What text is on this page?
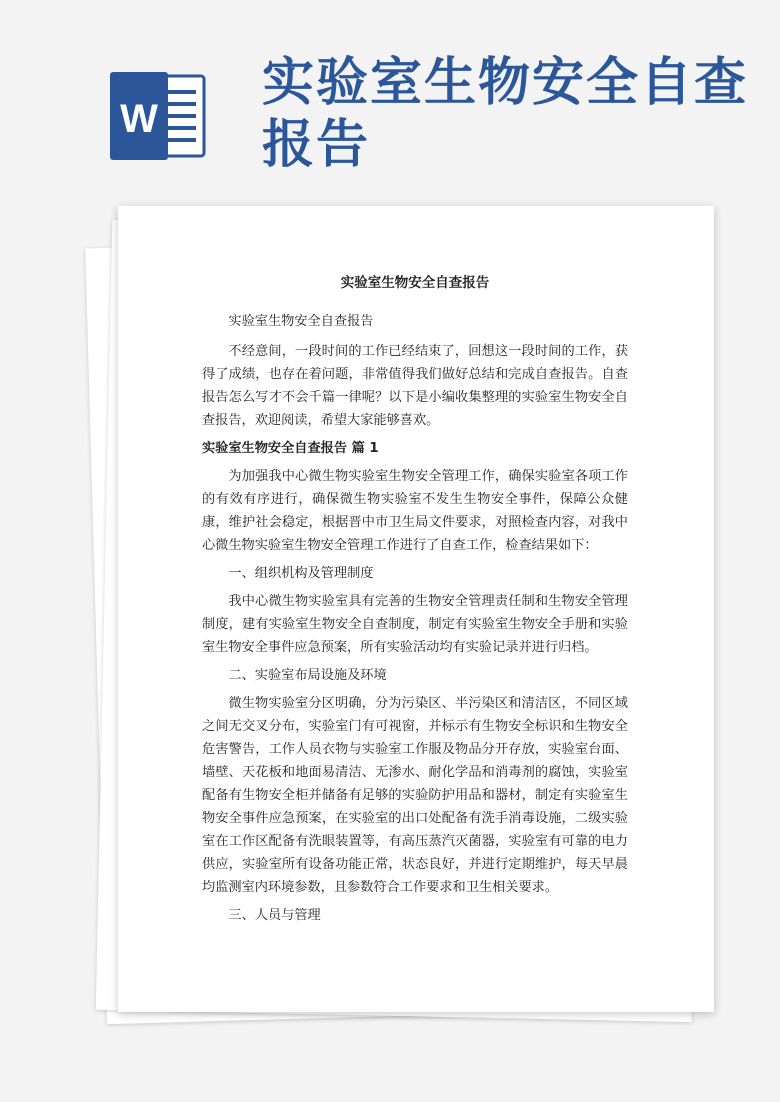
W
实验室生物安全自查报告
实验室生物安全自查报告

实验室生物安全自查报告

不经意间，一段时间的工作已经结束了，回想这一段时间的工作，获得了成绩，也存在着问题，非常值得我们做好总结和完成自查报告。自查报告怎么写才不会千篇一律呢？以下是小编收集整理的实验室生物安全自查报告，欢迎阅读，希望大家能够喜欢。

实验室生物安全自查报告 篇 1

为加强我中心微生物实验室生物安全管理工作，确保实验室各项工作的有效有序进行，确保微生物实验室不发生生物安全事件，保障公众健康，维护社会稳定，根据晋中市卫生局文件要求，对照检查内容，对我中心微生物实验室生物安全管理工作进行了自查工作，检查结果如下：

一、组织机构及管理制度

我中心微生物实验室具有完善的生物安全管理责任制和生物安全管理制度，建有实验室生物安全自查制度，制定有实验室生物安全手册和实验室生物安全事件应急预案，所有实验活动均有实验记录并进行归档。

二、实验室布局设施及环境

微生物实验室分区明确，分为污染区、半污染区和清洁区，不同区域之间无交叉分布，实验室门有可视窗，并标示有生物安全标识和生物安全危害警告，工作人员衣物与实验室工作服及物品分开存放，实验室台面、墙壁、天花板和地面易清洁、无渗水、耐化学品和消毒剂的腐蚀，实验室配备有生物安全柜并储备有足够的实验防护用品和器材，制定有实验室生物安全事件应急预案，在实验室的出口处配备有洗手消毒设施，二级实验室在工作区配备有洗眼装置等，有高压蒸汽灭菌器，实验室有可靠的电力供应，实验室所有设备功能正常，状态良好，并进行定期维护，每天早晨均监测室内环境参数，且参数符合工作要求和卫生相关要求。

三、人员与管理
